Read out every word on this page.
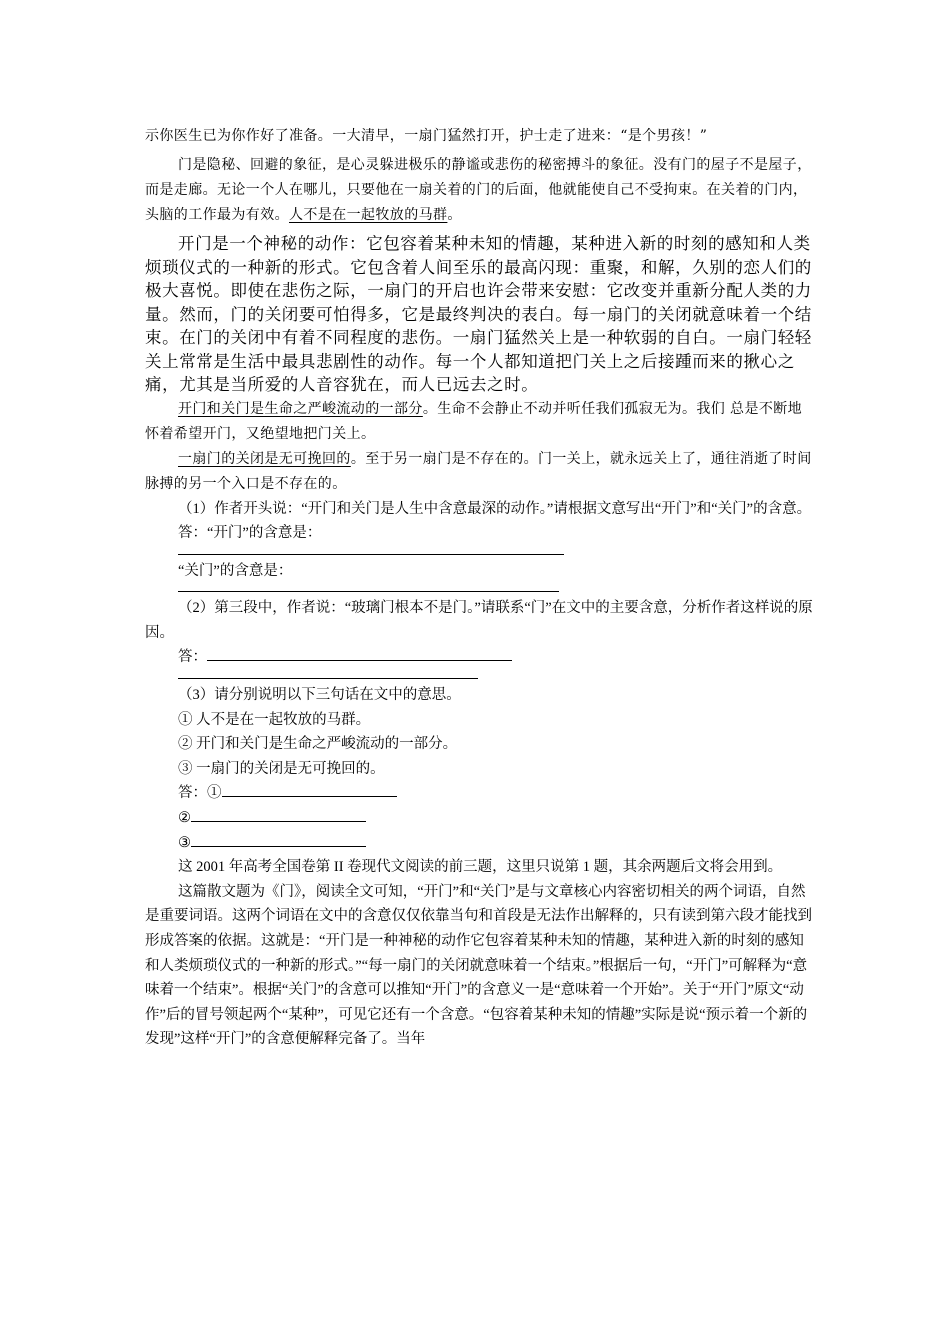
示你医生已为你作好了准备。一大清早，一扇门猛然打开，护士走了进来：“是个男孩！”

门是隐秘、回避的象征，是心灵躲进极乐的静谧或悲伤的秘密搏斗的象征。没有门的屋子不是屋子，而是走廊。无论一个人在哪儿，只要他在一扇关着的门的后面，他就能使自己不受拘束。在关着的门内，头脑的工作最为有效。人不是在一起牧放的马群。

开门是一个神秘的动作：它包容着某种未知的情趣，某种进入新的时刻的感知和人类烦琐仪式的一种新的形式。它包含着人间至乐的最高闪现：重聚，和解，久别的恋人们的极大喜悦。即使在悲伤之际，一扇门的开启也许会带来安慰：它改变并重新分配人类的力量。然而，门的关闭要可怕得多，它是最终判决的表白。每一扇门的关闭就意味着一个结束。在门的关闭中有着不同程度的悲伤。一扇门猛然关上是一种软弱的自白。一扇门轻轻关上常常是生活中最具悲剧性的动作。每一个人都知道把门关上之后接踵而来的揪心之痛，尤其是当所爱的人音容犹在，而人已远去之时。

开门和关门是生命之严峻流动的一部分。生命不会静止不动并听任我们孤寂无为。我们 总是不断地怀着希望开门，又绝望地把门关上。

一扇门的关闭是无可挽回的。至于另一扇门是不存在的。门一关上，就永远关上了，通往消逝了时间脉搏的另一个入口是不存在的。

（1）作者开头说：“开门和关门是人生中含意最深的动作。”请根据文意写出“开门”和“关门”的含意。

答：“开门”的含意是：

“关门”的含意是：

（2）第三段中，作者说：“玻璃门根本不是门。”请联系“门”在文中的主要含意，分析作者这样说的原因。

答：

（3）请分别说明以下三句话在文中的意思。

① 人不是在一起牧放的马群。

② 开门和关门是生命之严峻流动的一部分。

③ 一扇门的关闭是无可挽回的。

答：①

②

③

这 2001 年高考全国卷第 II 卷现代文阅读的前三题，这里只说第 1 题，其余两题后文将会用到。

这篇散文题为《门》，阅读全文可知，“开门”和“关门”是与文章核心内容密切相关的两个词语，自然是重要词语。这两个词语在文中的含意仅仅依靠当句和首段是无法作出解释的，只有读到第六段才能找到形成答案的依据。这就是：“开门是一种神秘的动作它包容着某种未知的情趣，某种进入新的时刻的感知和人类烦琐仪式的一种新的形式。”“每一扇门的关闭就意味着一个结束。”根据后一句，“开门”可解释为“意味着一个结束”。根据“关门”的含意可以推知“开门”的含意义一是“意味着一个开始”。关于“开门”原文“动作”后的冒号领起两个“某种”，可见它还有一个含意。“包容着某种未知的情趣”实际是说“预示着一个新的发现”这样“开门”的含意便解释完备了。当年
